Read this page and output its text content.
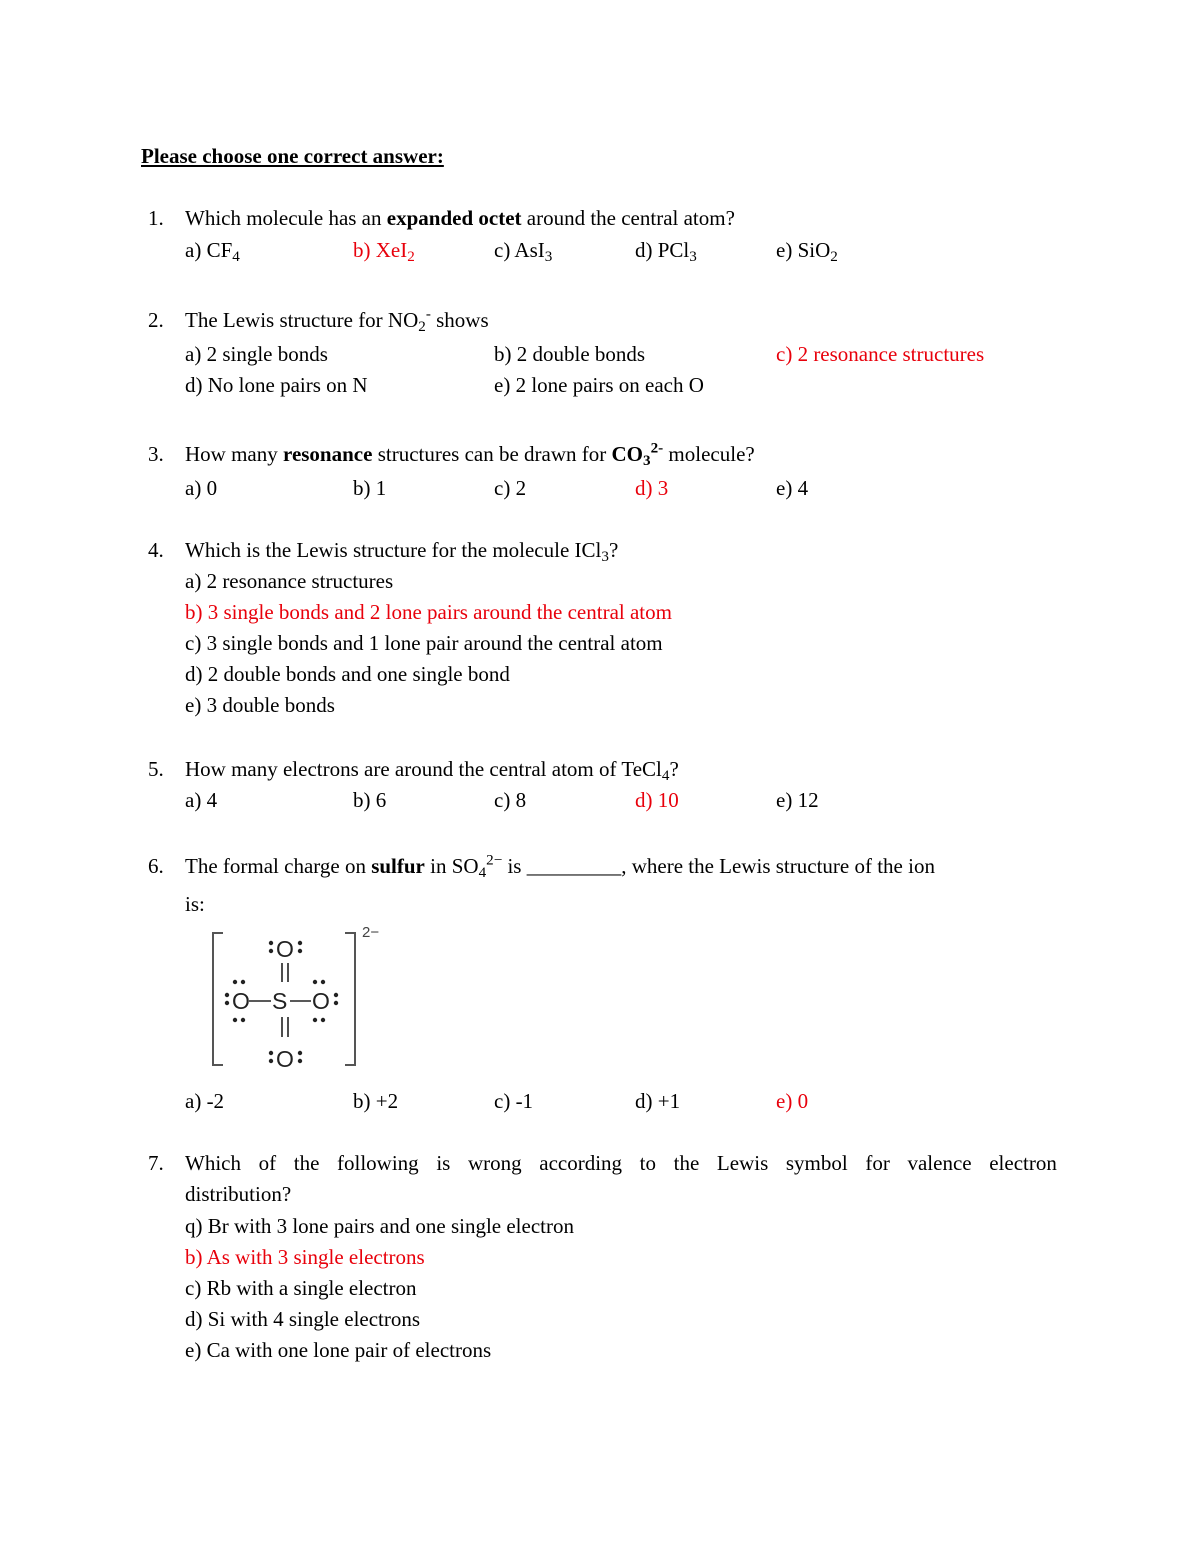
Please choose one correct answer:
1. Which molecule has an expanded octet around the central atom?
a) $CF_4$	b) XeI$_2$	c) AsI$_3$	d) PCl$_3$	e) SiO$_2$
2. The Lewis structure for $NO_2^-$ shows
a) 2 single bonds	b) 2 double bonds	c) 2 resonance structures
d) No lone pairs on N	e) 2 lone pairs on each O
3. How many resonance structures can be drawn for $CO_3^{2-}$ molecule?
a) 0	b) 1	c) 2	d) 3	e) 4
4. Which is the Lewis structure for the molecule ICl$_3$?
a) 2 resonance structures
b) 3 single bonds and 2 lone pairs around the central atom
c) 3 single bonds and 1 lone pair around the central atom
d) 2 double bonds and one single bond
e) 3 double bonds
5. How many electrons are around the central atom of TeCl$_4$?
a) 4	b) 6	c) 8	d) 10	e) 12
6. The formal charge on sulfur in $SO_4^{2-}$ is _________, where the Lewis structure of the ion
is:
2−
O
O S O
O
a) -2	b) +2	c) -1	d) +1	e) 0
7. Which of the following is wrong according to the Lewis symbol for valence electron
distribution?
q) Br with 3 lone pairs and one single electron
b) As with 3 single electrons
c) Rb with a single electron
d) Si with 4 single electrons
e) Ca with one lone pair of electrons
